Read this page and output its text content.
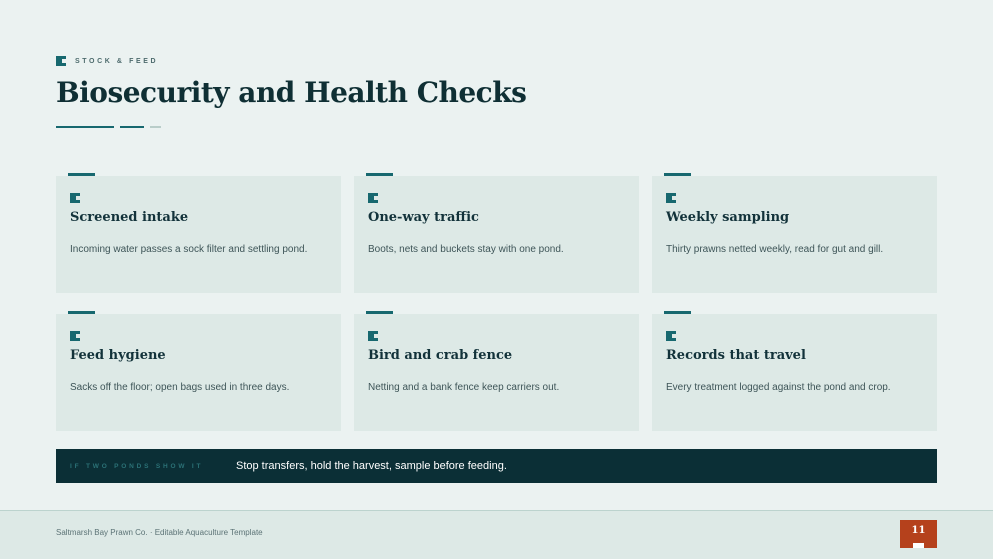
STOCK & FEED
Biosecurity and Health Checks
Screened intake
Incoming water passes a sock filter and settling pond.
One-way traffic
Boots, nets and buckets stay with one pond.
Weekly sampling
Thirty prawns netted weekly, read for gut and gill.
Feed hygiene
Sacks off the floor; open bags used in three days.
Bird and crab fence
Netting and a bank fence keep carriers out.
Records that travel
Every treatment logged against the pond and crop.
IF TWO PONDS SHOW IT	Stop transfers, hold the harvest, sample before feeding.
Saltmarsh Bay Prawn Co. · Editable Aquaculture Template	11
